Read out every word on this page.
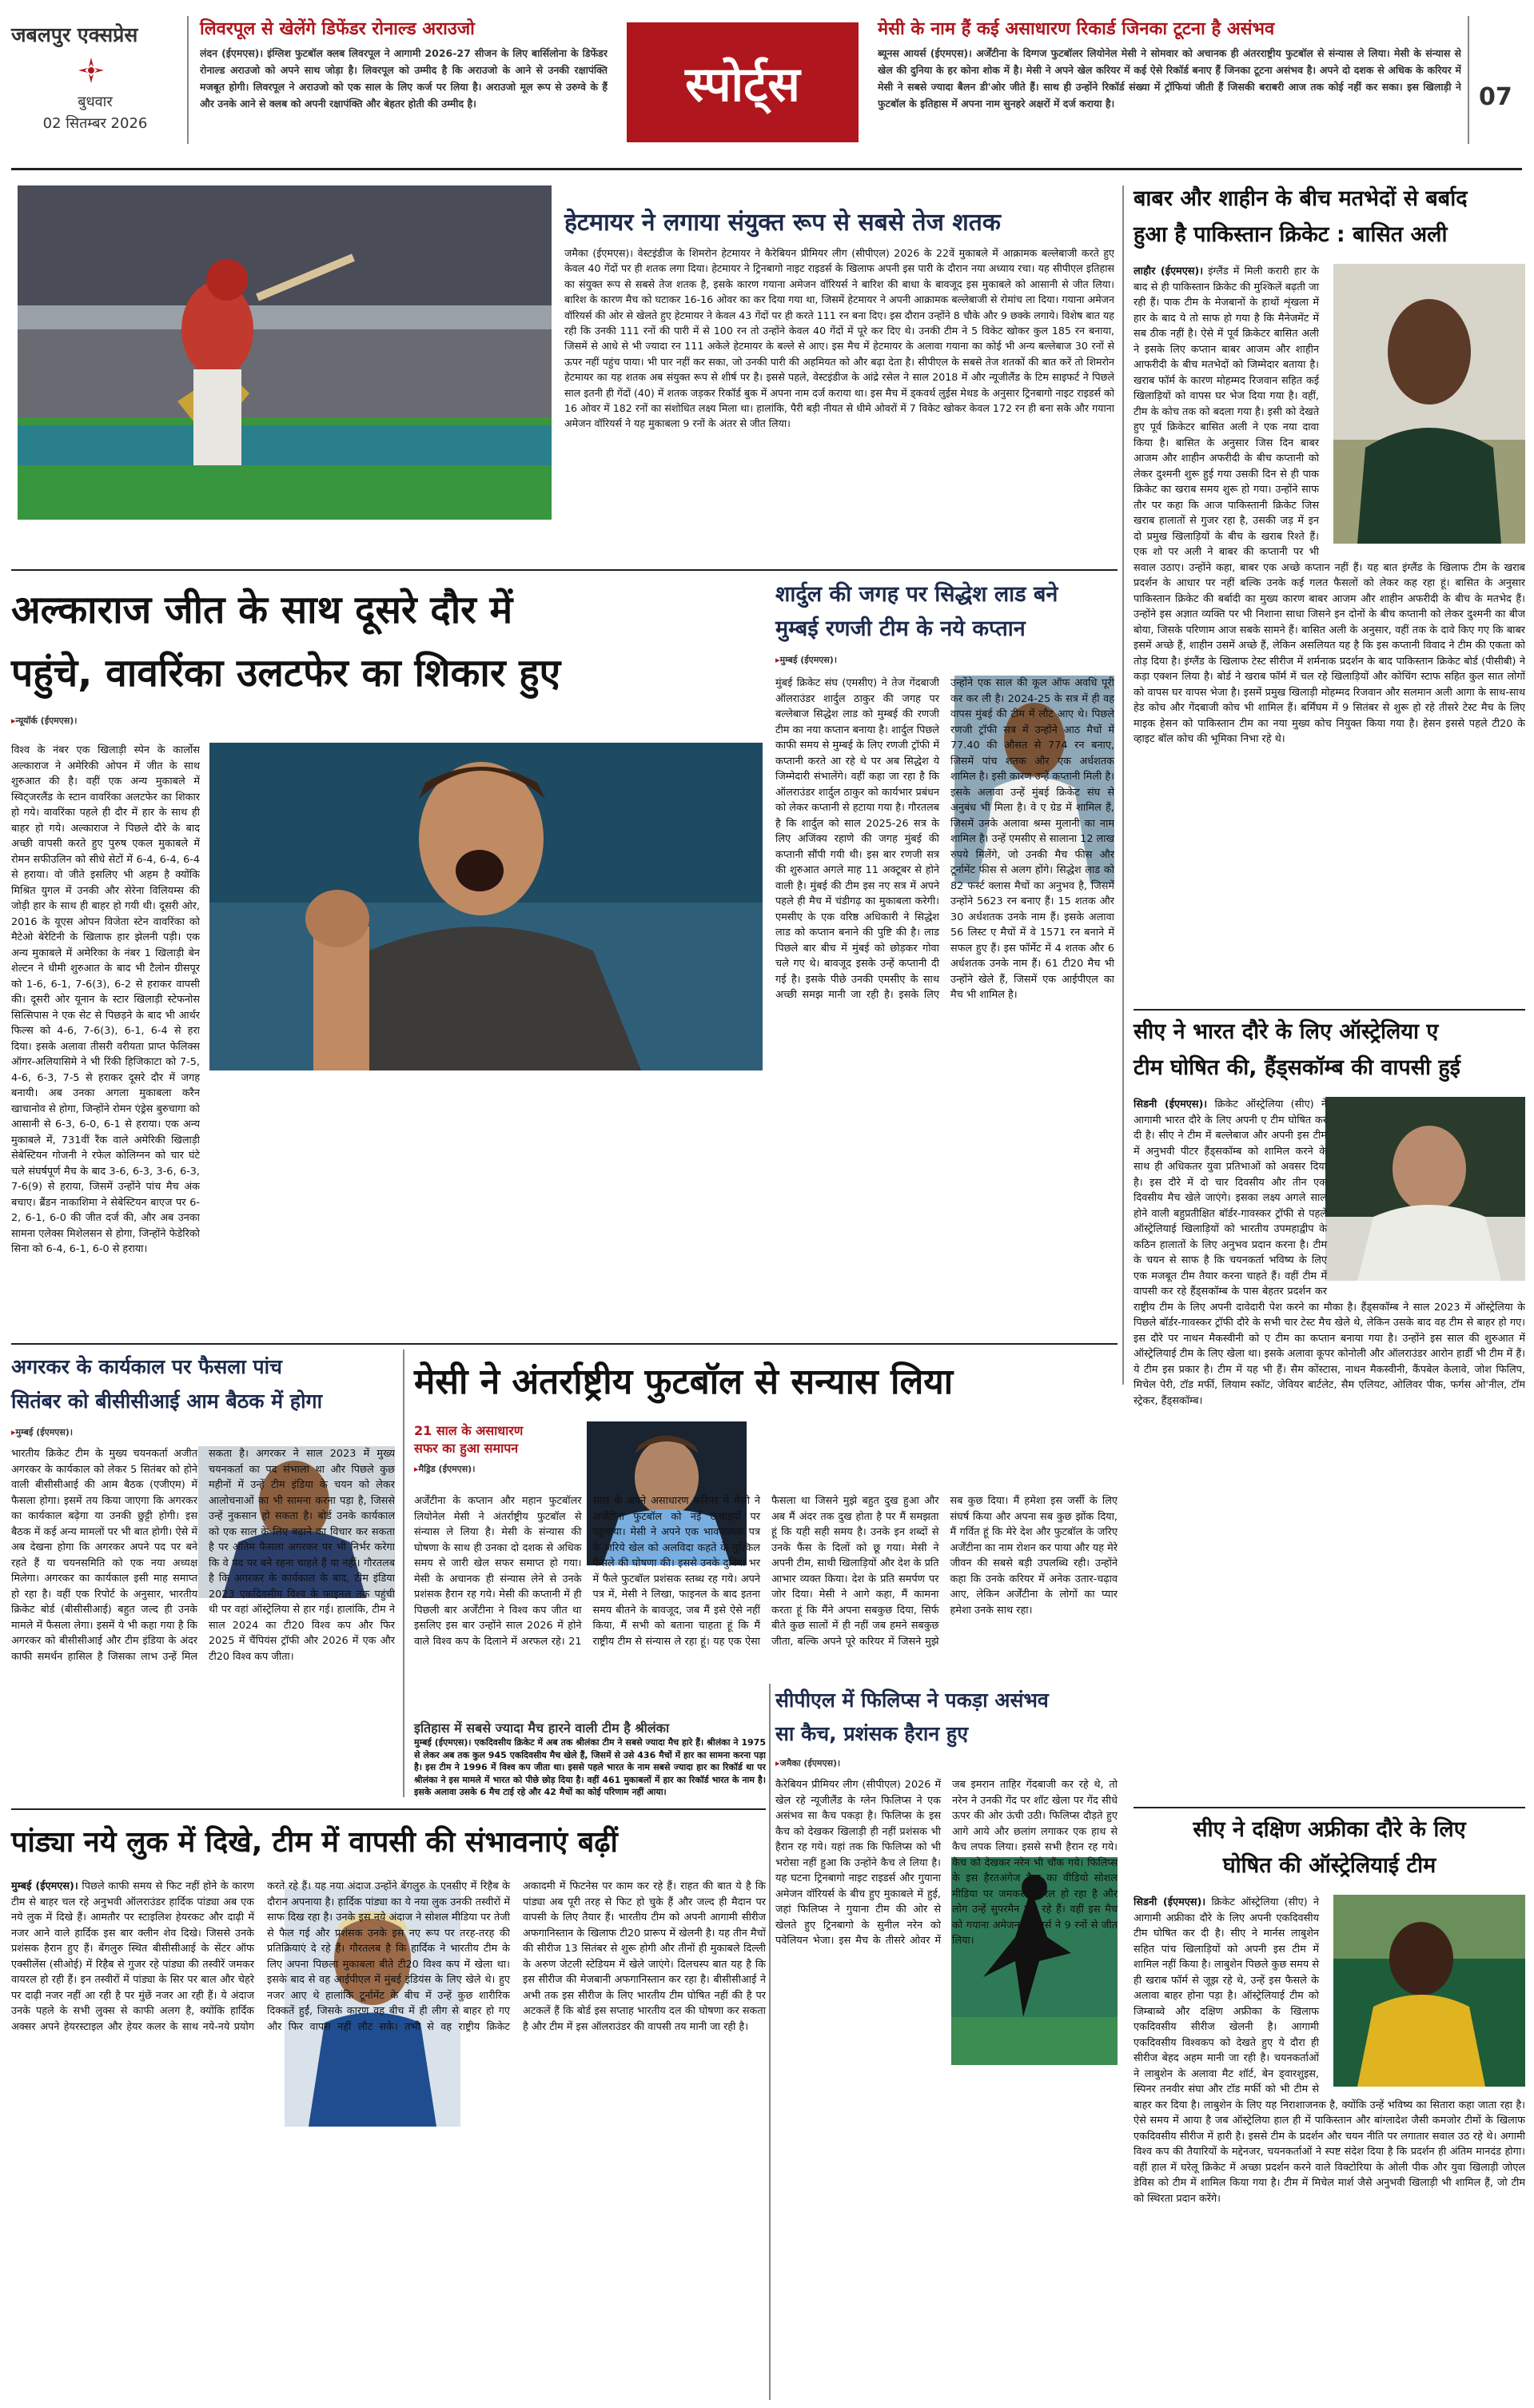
जबलपुर एक्सप्रेस
बुधवार
02 सितम्बर 2026
लिवरपूल से खेलेंगे डिफेंडर रोनाल्ड अराउजो
लंदन (ईएमएस)। इंग्लिश फुटबॉल क्लब लिवरपूल ने आगामी 2026-27 सीजन के लिए बार्सिलोना के डिफेंडर रोनाल्ड अराउजो को अपने साथ जोड़ा है। लिवरपूल को उम्मीद है कि अराउजो के आने से उनकी रक्षापंक्ति मजबूत होगी। लिवरपूल ने अराउजो को एक साल के लिए कर्ज पर लिया है। अराउजो मूल रूप से उरुग्वे के हैं और उनके आने से क्लब को अपनी रक्षापंक्ति और बेहतर होती की उम्मीद है।	स्पोर्ट्स
मेसी के नाम हैं कई असाधारण रिकार्ड जिनका टूटना है असंभव
ब्यूनस आयर्स (ईएमएस)। अर्जेंटीना के दिग्गज फुटबॉलर लियोनेल मेसी ने सोमवार को अचानक ही अंतरराष्ट्रीय फुटबॉल से संन्यास ले लिया। मेसी के संन्यास से खेल की दुनिया के हर कोना शोक में है। मेसी ने अपने खेल करियर में कई ऐसे रिकॉर्ड बनाए हैं जिनका टूटना असंभव है। अपने दो दशक से अधिक के करियर में मेसी ने सबसे ज्यादा बैलन डी'ओर जीते हैं। साथ ही उन्होंने रिकॉर्ड संख्या में ट्रॉफियां जीती हैं जिसकी बराबरी आज तक कोई नहीं कर सका। इस खिलाड़ी ने फुटबॉल के इतिहास में अपना नाम सुनहरे अक्षरों में दर्ज कराया है।	07
हेटमायर ने लगाया संयुक्त रूप से सबसे तेज शतक
जमैका (ईएमएस)। वेस्टइंडीज के शिमरोन हेटमायर ने कैरेबियन प्रीमियर लीग (सीपीएल) 2026 के 22वें मुकाबले में आक्रामक बल्लेबाजी करते हुए केवल 40 गेंदों पर ही शतक लगा दिया। हेटमायर ने ट्रिनबागो नाइट राइडर्स के खिलाफ अपनी इस पारी के दौरान नया अध्याय रचा। यह सीपीएल इतिहास का संयुक्त रूप से सबसे तेज शतक है, इसके कारण गयाना अमेजन वॉरियर्स ने बारिश की बाधा के बावजूद इस मुकाबले को आसानी से जीत लिया। बारिश के कारण मैच को घटाकर 16-16 ओवर का कर दिया गया था, जिसमें हेटमायर ने अपनी आक्रामक बल्लेबाजी से रोमांच ला दिया। गयाना अमेजन वॉरियर्स की ओर से खेलते हुए हेटमायर ने केवल 43 गेंदों पर ही करते 111 रन बना दिए। इस दौरान उन्होंने 8 चौके और 9 छक्के लगाये। विशेष बात यह रही कि उनकी 111 रनों की पारी में से 100 रन तो उन्होंने केवल 40 गेंदों में पूरे कर दिए थे। उनकी टीम ने 5 विकेट खोकर कुल 185 रन बनाया, जिसमें से आधे से भी ज्यादा रन 111 अकेले हेटमायर के बल्ले से आए। इस मैच में हेटमायर के अलावा गयाना का कोई भी अन्य बल्लेबाज 30 रनों से ऊपर नहीं पहुंच पाया। भी पार नहीं कर सका, जो उनकी पारी की अहमियत को और बढ़ा देता है। सीपीएल के सबसे तेज शतकों की बात करें तो शिमरोन हेटमायर का यह शतक अब संयुक्त रूप से शीर्ष पर है। इससे पहले, वेस्टइंडीज के आंद्रे रसेल ने साल 2018 में और न्यूजीलैंड के टिम साइफर्ट ने पिछले साल इतनी ही गेंदों (40) में शतक जड़कर रिकॉर्ड बुक में अपना नाम दर्ज कराया था। इस मैच में ड्कवर्थ लुईस मेथड के अनुसार ट्रिनबागो नाइट राइडर्स को 16 ओवर में 182 रनों का संशोधित लक्ष्य मिला था। हालांकि, पैरी बड़ी नीयत से धीमे ओवरों में 7 विकेट खोकर केवल 172 रन ही बना सके और गयाना अमेजन वॉरियर्स ने यह मुकाबला 9 रनों के अंतर से जीत लिया।
बाबर और शाहीन के बीच मतभेदों से बर्बाद
हुआ है पाकिस्तान क्रिकेट : बासित अली
लाहौर (ईएमएस)। इंग्लैंड में मिली करारी हार के बाद से ही पाकिस्तान क्रिकेट की मुश्किलें बढ़ती जा रही हैं। पाक टीम के मेजबानों के हाथों शृंखला में हार के बाद ये तो साफ हो गया है कि मैनेजमेंट में सब ठीक नहीं है। ऐसे में पूर्व क्रिकेटर बासित अली ने इसके लिए कप्तान बाबर आजम और शाहीन आफरीदी के बीच मतभेदों को जिम्मेदार बताया है। खराब फॉर्म के कारण मोहम्मद रिजवान सहित कई खिलाड़ियों को वापस घर भेज दिया गया है। वहीं, टीम के कोच तक को बदला गया है। इसी को देखते हुए पूर्व क्रिकेटर बासित अली ने एक नया दावा किया है। बासित के अनुसार जिस दिन बाबर आजम और शाहीन अफरीदी के बीच कप्तानी को लेकर दुश्मनी शुरू हुई गया उसकी दिन से ही पाक क्रिकेट का खराब समय शुरू हो गया। उन्होंने साफ तौर पर कहा कि आज पाकिस्तानी क्रिकेट जिस खराब हालातों से गुजर रहा है, उसकी जड़ में इन दो प्रमुख खिलाड़ियों के बीच के खराब रिश्ते हैं। एक शो पर अली ने बाबर की कप्तानी पर भी सवाल उठाए। उन्होंने कहा, बाबर एक अच्छे कप्तान नहीं हैं। यह बात इंग्लैंड के खिलाफ टीम के खराब प्रदर्शन के आधार पर नहीं बल्कि उनके कई गलत फैसलों को लेकर कह रहा हूं। बासित के अनुसार पाकिस्तान क्रिकेट की बर्बादी का मुख्य कारण बाबर आजम और शाहीन अफरीदी के बीच के मतभेद हैं। उन्होंने इस अज्ञात व्यक्ति पर भी निशाना साधा जिसने इन दोनों के बीच कप्तानी को लेकर दुश्मनी का बीज बोया, जिसके परिणाम आज सबके सामने हैं। बासित अली के अनुसार, वहीं तक के दावे किए गए कि बाबर इसमें अच्छे हैं, शाहीन उसमें अच्छे हैं, लेकिन असलियत यह है कि इस कप्तानी विवाद ने टीम की एकता को तोड़ दिया है। इंग्लैंड के खिलाफ टेस्ट सीरीज में शर्मनाक प्रदर्शन के बाद पाकिस्तान क्रिकेट बोर्ड (पीसीबी) ने कड़ा एक्शन लिया है। बोर्ड ने खराब फॉर्म में चल रहे खिलाड़ियों और कोचिंग स्टाफ सहित कुल सात लोगों को वापस घर वापस भेजा है। इसमें प्रमुख खिलाड़ी मोहम्मद रिजवान और सलमान अली आगा के साथ-साथ हेड कोच और गेंदबाजी कोच भी शामिल हैं। बर्मिंघम में 9 सितंबर से शुरू हो रहे तीसरे टेस्ट मैच के लिए माइक हेसन को पाकिस्तान टीम का नया मुख्य कोच नियुक्त किया गया है। हेसन इससे पहले टी20 के व्हाइट बॉल कोच की भूमिका निभा रहे थे।
सीए ने भारत दौरे के लिए ऑस्ट्रेलिया ए
टीम घोषित की, हैंड्सकॉम्ब की वापसी हुई
सिडनी (ईएमएस)। क्रिकेट ऑस्ट्रेलिया (सीए) ने आगामी भारत दौरे के लिए अपनी ए टीम घोषित कर दी है। सीए ने टीम में बल्लेबाज और अपनी इस टीम में अनुभवी पीटर हैंड्सकॉम्ब को शामिल करने के साथ ही अधिकतर युवा प्रतिभाओं को अवसर दिया है। इस दौरे में दो चार दिवसीय और तीन एक दिवसीय मैच खेले जाएंगे। इसका लक्ष्य अगले साल होने वाली बहुप्रतीक्षित बॉर्डर-गावस्कर ट्रॉफी से पहले ऑस्ट्रेलियाई खिलाड़ियों को भारतीय उपमहाद्वीप के कठिन हालातों के लिए अनुभव प्रदान करना है। टीम के चयन से साफ है कि चयनकर्ता भविष्य के लिए एक मजबूत टीम तैयार करना चाहते हैं। वहीं टीम में वापसी कर रहे हैंड्सकॉम्ब के पास बेहतर प्रदर्शन कर राष्ट्रीय टीम के लिए अपनी दावेदारी पेश करने का मौका है। हैंड्सकॉम्ब ने साल 2023 में ऑस्ट्रेलिया के पिछले बॉर्डर-गावस्कर ट्रॉफी दौरे के सभी चार टेस्ट मैच खेले थे, लेकिन उसके बाद वह टीम से बाहर हो गए। इस दौरे पर नाथन मैकस्वीनी को ए टीम का कप्तान बनाया गया है। उन्होंने इस साल की शुरुआत में ऑस्ट्रेलियाई टीम के लिए खेला था। इसके अलावा कूपर कोनोली और ऑलराउंडर आरोन हार्डी भी टीम में हैं। ये टीम इस प्रकार है। टीम में यह भी हैं। सैम कोंस्टास, नाथन मैकस्वीनी, कैंपबेल केलावे, जोश फिलिप, मिचेल पेरी, टॉड मर्फी, लियाम स्कॉट, जेवियर बार्टलेट, सैम एलियट, ओलिवर पीक, फर्गस ओ'नील, टॉम स्ट्रेकर, हैंड्सकॉम्ब।
सीए ने दक्षिण अफ्रीका दौरे के लिए
घोषित की ऑस्ट्रेलियाई टीम
सिडनी (ईएमएस)। क्रिकेट ऑस्ट्रेलिया (सीए) ने आगामी अफ्रीका दौरे के लिए अपनी एकदिवसीय टीम घोषित कर दी है। सीए ने मार्नस लाबुशेन सहित पांच खिलाड़ियों को अपनी इस टीम में शामिल नहीं किया है। लाबुशेन पिछले कुछ समय से ही खराब फॉर्म से जूझ रहे थे, उन्हें इस फैसले के अलावा बाहर होना पड़ा है। ऑस्ट्रेलियाई टीम को जिम्बाब्वे और दक्षिण अफ्रीका के खिलाफ एकदिवसीय सीरीज खेलनी है। आगामी एकदिवसीय विश्वकप को देखते हुए ये दौरा ही सीरीज बेहद अहम मानी जा रही है। चयनकर्ताओं ने लाबुशेन के अलावा मैट शॉर्ट, बेन ड्वारशुइस, स्पिनर तनवीर संघा और टॉड मर्फी को भी टीम से बाहर कर दिया है। लाबुशेन के लिए यह निराशाजनक है, क्योंकि उन्हें भविष्य का सितारा कहा जाता रहा है। ऐसे समय में आया है जब ऑस्ट्रेलिया हाल ही में पाकिस्तान और बांग्लादेश जैसी कमजोर टीमों के खिलाफ एकदिवसीय सीरीज में हारी है। इससे टीम के प्रदर्शन और चयन नीति पर लगातार सवाल उठ रहे थे। अगामी विश्व कप की तैयारियों के मद्देनजर, चयनकर्ताओं ने स्पष्ट संदेश दिया है कि प्रदर्शन ही अंतिम मानदंड होगा। वहीं हाल में घरेलू क्रिकेट में अच्छा प्रदर्शन करने वाले विक्टोरिया के ओली पीक और युवा खिलाड़ी जोएल डेविस को टीम में शामिल किया गया है। टीम में मिचेल मार्श जैसे अनुभवी खिलाड़ी भी शामिल हैं, जो टीम को स्थिरता प्रदान करेंगे।
अल्काराज जीत के साथ दूसरे दौर में
पहुंचे, वावरिंका उलटफेर का शिकार हुए
▸ न्यूयॉर्क (ईएमएस)।
विश्व के नंबर एक खिलाड़ी स्पेन के कार्लोस अल्काराज ने अमेरिकी ओपन में जीत के साथ शुरुआत की है। वहीं एक अन्य मुकाबले में स्विट्जरलैंड के स्टान वावरिंका अलटफेर का शिकार हो गये। वावरिंका पहले ही दौर में हार के साथ ही बाहर हो गये। अल्काराज ने पिछले दौरे के बाद अच्छी वापसी करते हुए पुरुष एकल मुकाबले में रोमन सफीउलिन को सीधे सेटों में 6-4, 6-4, 6-4 से हराया। वो जीते इसलिए भी अहम है क्योंकि मिश्रित युगल में उनकी और सेरेना विलियम्स की जोड़ी हार के साथ ही बाहर हो गयी थी। दूसरी ओर, 2016 के यूएस ओपन विजेता स्टेन वावरिंका को मैटेओ बेरेटिनी के खिलाफ हार झेलनी पड़ी। एक अन्य मुकाबले में अमेरिका के नंबर 1 खिलाड़ी बेन शेल्टन ने धीमी शुरुआत के बाद भी टैलोन ग्रीसपूर को 1-6, 6-1, 7-6(3), 6-2 से हराकर वापसी की। दूसरी ओर यूनान के स्टार खिलाड़ी स्टेफनोस सित्सिपास ने एक सेट से पिछड़ने के बाद भी आर्थर फिल्स को 4-6, 7-6(3), 6-1, 6-4 से हरा दिया। इसके अलावा तीसरी वरीयता प्राप्त फेलिक्स ऑगर-अलियासिमे ने भी रिंकी हिजिकाटा को 7-5, 4-6, 6-3, 7-5 से हराकर दूसरे दौर में जगह बनायी। अब उनका अगला मुकाबला करैन खाचानोव से होगा, जिन्होंने रोमन एंड्रेस बुरुचागा को आसानी से 6-3, 6-0, 6-1 से हराया। एक अन्य मुकाबले में, 731वीं रैंक वाले अमेरिकी खिलाड़ी सेबेस्टियन गोजनी ने रफेल कोलिग्नन को चार घंटे चले संघर्षपूर्ण मैच के बाद 3-6, 6-3, 3-6, 6-3, 7-6(9) से हराया, जिसमें उन्होंने पांच मैच अंक बचाए। ब्रैंडन नाकाशिमा ने सेबेस्टियन बाएज पर 6-2, 6-1, 6-0 की जीत दर्ज की, और अब उनका सामना एलेक्स मिशेलसन से होगा, जिन्होंने फेडेरिको सिना को 6-4, 6-1, 6-0 से हराया।
शार्दुल की जगह पर सिद्धेश लाड बने
मुम्बई रणजी टीम के नये कप्तान
▸ मुम्बई (ईएमएस)।
मुंबई क्रिकेट संघ (एमसीए) ने तेज गेंदबाजी ऑलराउंडर शार्दुल ठाकुर की जगह पर बल्लेबाज सिद्धेश लाड को मुम्बई की रणजी टीम का नया कप्तान बनाया है। शार्दुल पिछले काफी समय से मुम्बई के लिए रणजी ट्रॉफी में कप्तानी करते आ रहे थे पर अब सिद्धेश ये जिम्मेदारी संभालेंगे। वहीं कहा जा रहा है कि ऑलराउंडर शार्दुल ठाकुर को कार्यभार प्रबंधन को लेकर कप्तानी से हटाया गया है। गौरतलब है कि शार्दुल को साल 2025-26 सत्र के लिए अजिंक्य रहाणे की जगह मुंबई की कप्तानी सौंपी गयी थी। इस बार रणजी सत्र की शुरुआत अगले माह 11 अक्टूबर से होने वाली है। मुंबई की टीम इस नए सत्र में अपने पहले ही मैच में चंडीगढ़ का मुकाबला करेगी। एमसीए के एक वरिष्ठ अधिकारी ने सिद्धेश लाड को कप्तान बनाने की पुष्टि की है। लाड पिछले बार बीच में मुंबई को छोड़कर गोवा चले गए थे। बावजूद इसके उन्हें कप्तानी दी गई है। इसके पीछे उनकी एमसीए के साथ अच्छी समझ मानी जा रही है। इसके लिए उन्होंने एक साल की कूल ऑफ अवधि पूरी कर कर ली है। 2024-25 के सत्र में ही वह वापस मुंबई की टीम में लौट आए थे। पिछले रणजी ट्रॉफी सत्र में उन्होंने आठ मैचों में 77.40 की औसत से 774 रन बनाए, जिसमें पांच शतक और एक अर्धशतक शामिल है। इसी कारण उन्हें कप्तानी मिली है। इसके अलावा उन्हें मुंबई क्रिकेट संघ से अनुबंध भी मिला है। वे ए ग्रेड में शामिल हैं, जिसमें उनके अलावा श्रम्स मुलानी का नाम शामिल है। उन्हें एमसीए से सालाना 12 लाख रुपये मिलेंगे, जो उनकी मैच फीस और टूर्नामेंट फीस से अलग होंगे। सिद्धेश लाड को 82 फर्स्ट क्लास मैचों का अनुभव है, जिसमें उन्होंने 5623 रन बनाए हैं। 15 शतक और 30 अर्धशतक उनके नाम हैं। इसके अलावा 56 लिस्ट ए मैचों में वे 1571 रन बनाने में सफल हुए हैं। इस फॉर्मेट में 4 शतक और 6 अर्धशतक उनके नाम हैं। 61 टी20 मैच भी उन्होंने खेले हैं, जिसमें एक आईपीएल का मैच भी शामिल है।
अगरकर के कार्यकाल पर फैसला पांच
सितंबर को बीसीसीआई आम बैठक में होगा
▸ मुम्बई (ईएमएस)।
भारतीय क्रिकेट टीम के मुख्य चयनकर्ता अजीत अगरकर के कार्यकाल को लेकर 5 सितंबर को होने वाली बीसीसीआई की आम बैठक (एजीएम) में फैसला होगा। इसमें तय किया जाएगा कि अगरकर का कार्यकाल बढ़ेगा या उनकी छुट्टी होगी। इस बैठक में कई अन्य मामलों पर भी बात होगी। ऐसे में अब देखना होगा कि अगरकर अपने पद पर बने रहते हैं या चयनसमिति को एक नया अध्यक्ष मिलेगा। अगरकर का कार्यकाल इसी माह समाप्त हो रहा है। वहीं एक रिपोर्ट के अनुसार, भारतीय क्रिकेट बोर्ड (बीसीसीआई) बहुत जल्द ही उनके मामले में फैसला लेगा। इसमें ये भी कहा गया है कि अगरकर को बीसीसीआई और टीम इंडिया के अंदर काफी समर्थन हासिल है जिसका लाभ उन्हें मिल सकता है। अगरकर ने साल 2023 में मुख्य चयनकर्ता का पद संभाला था और पिछले कुछ महीनों में उन्हें टीम इंडिया के चयन को लेकर आलोचनाओं का भी सामना करना पड़ा है, जिससे उन्हें नुकसान हो सकता है। बोर्ड उनके कार्यकाल को एक साल के लिए बढ़ाने का विचार कर सकता है पर अंतिम फैसला अगरकर पर भी निर्भर करेगा कि वे पद पर बने रहना चाहते हैं या नहीं। गौरतलब है कि अगरकर के कार्यकाल के बाद, टीम इंडिया 2023 एकदिवसीय विश्व के फाइनल तक पहुंची थी पर वहां ऑस्ट्रेलिया से हार गई। हालांकि, टीम ने साल 2024 का टी20 विश्व कप और फिर 2025 में चैंपियंस ट्रॉफी और 2026 में एक और टी20 विश्व कप जीता।
मेसी ने अंतर्राष्ट्रीय फुटबॉल से सन्यास लिया
21 साल के असाधारण
सफर का हुआ समापन
▸ मैड्रिड (ईएमएस)।
अर्जेंटीना के कप्तान और महान फुटबॉलर लियोनेल मेसी ने अंतर्राष्ट्रीय फुटबॉल से संन्यास ले लिया है। मेसी के संन्यास की घोषणा के साथ ही उनका दो दशक से अधिक समय से जारी खेल सफर समाप्त हो गया। मेसी के अचानक ही संन्यास लेने से उनके प्रशंसक हैरान रह गये। मेसी की कप्तानी में ही पिछली बार अर्जेंटीना ने विश्व कप जीत था इसलिए इस बार उन्होंने साल 2026 में होने वाले विश्व कप के दिलाने में अरफल रहे। 21 साल के अपने असाधारण करियर में मेसी ने अर्जेंटीना फुटबॉल को नई ऊंचाइयों पर पहुंचाया। मेसी ने अपने एक भावनात्मक पत्र के जरिये खेल को अलविदा कहते के मुश्किल फैसले की घोषणा की। इससे उनके दुनिया भर में फैले फुटबॉल प्रशंसक स्तब्ध रह गये। अपने पत्र में, मेसी ने लिखा, फाइनल के बाद इतना समय बीतने के बावजूद, जब मैं इसे ऐसे नहीं किया, मैं सभी को बताना चाहता हूं कि मैं राष्ट्रीय टीम से संन्यास ले रहा हूं। यह एक ऐसा फैसला था जिसने मुझे बहुत दुख हुआ और अब मैं अंदर तक दुख होता है पर मैं समझता हूं कि यही सही समय है। उनके इन शब्दों से उनके फैंस के दिलों को छू गया। मेसी ने अपनी टीम, साथी खिलाड़ियों और देश के प्रति आभार व्यक्त किया। देश के प्रति समर्पण पर जोर दिया। मेसी ने आगे कहा, मैं कामना करता हूं कि मैंने अपना सबकुछ दिया, सिर्फ बीते कुछ सालों में ही नहीं जब हमने सबकुछ जीता, बल्कि अपने पूरे करियर में जिसने मुझे सब कुछ दिया। मैं हमेशा इस जर्सी के लिए संघर्ष किया और अपना सब कुछ झोंक दिया, मैं गर्वित हूं कि मेरे देश और फुटबॉल के जरिए अर्जेंटीना का नाम रोशन कर पाया और यह मेरे जीवन की सबसे बड़ी उपलब्धि रही। उन्होंने कहा कि उनके करियर में अनेक उतार-चढ़ाव आए, लेकिन अर्जेंटीना के लोगों का प्यार हमेशा उनके साथ रहा।
इतिहास में सबसे ज्यादा मैच हारने वाली टीम है श्रीलंका
मुम्बई (ईएमएस)। एकदिवसीय क्रिकेट में अब तक श्रीलंका टीम ने सबसे ज्यादा मैच हारे हैं। श्रीलंका ने 1975 से लेकर अब तक कुल 945 एकदिवसीय मैच खेले हैं, जिसमें से उसे 436 मैचों में हार का सामना करना पड़ा है। इस टीम ने 1996 में विश्व कप जीता था। इससे पहले भारत के नाम सबसे ज्यादा हार का रिकॉर्ड था पर श्रीलंका ने इस मामले में भारत को पीछे छोड़ दिया है। वहीं 461 मुकाबलों में हार का रिकॉर्ड भारत के नाम है। इसके अलावा उसके 6 मैच टाई रहे और 42 मैचों का कोई परिणाम नहीं आया।
सीपीएल में फिलिप्स ने पकड़ा असंभव
सा कैच, प्रशंसक हैरान हुए
▸ जमैका (ईएमएस)।
कैरेबियन प्रीमियर लीग (सीपीएल) 2026 में खेल रहे न्यूजीलैंड के ग्लेन फिलिप्स ने एक असंभव सा कैच पकड़ा है। फिलिप्स के इस कैच को देखकर खिलाड़ी ही नहीं प्रशंसक भी हैरान रह गये। यहां तक कि फिलिप्स को भी भरोसा नहीं हुआ कि उन्होंने कैच ले लिया है। यह घटना ट्रिनबागो नाइट राइडर्स और गुयाना अमेजन वॉरियर्स के बीच हुए मुकाबले में हुई, जहां फिलिप्स ने गुयाना टीम की ओर से खेलते हुए ट्रिनबागो के सुनील नरेन को पवेलियन भेजा। इस मैच के तीसरे ओवर में जब इमरान ताहिर गेंदबाजी कर रहे थे, तो नरेन ने उनकी गेंद पर शॉट खेला पर गेंद सीधे ऊपर की ओर ऊंची उठी। फिलिप्स दौड़ते हुए आगे आये और छलांग लगाकर एक हाथ से कैच लपक लिया। इससे सभी हैरान रह गये। कैच को देखकर नरेन भी चौंक गये। फिलिप्स के इस हैरतअंगेज कैच का वीडियो सोशल मीडिया पर जमकर वायरल हो रहा है और लोग उन्हें सुपरमैन कह रहे हैं। वहीं इस मैच को गयाना अमेजन वॉरियर्स ने 9 रनों से जीत लिया।
पांड्या नये लुक में दिखे, टीम में वापसी की संभावनाएं बढ़ीं
मुम्बई (ईएमएस)। पिछले काफी समय से फिट नहीं होने के कारण टीम से बाहर चल रहे अनुभवी ऑलराउंडर हार्दिक पांड्या अब एक नये लुक में दिखे हैं। आमतौर पर स्टाइलिश हेयरकट और दाढ़ी में नजर आने वाले हार्दिक इस बार क्लीन शेव दिखे। जिससे उनके प्रशंसक हैरान हुए हैं। बेंगलुरु स्थित बीसीसीआई के सेंटर ऑफ एक्सीलेंस (सीओई) में रिहैब से गुजर रहे पांड्या की तस्वीरें जमकर वायरल हो रही हैं। इन तस्वीरों में पांड्या के सिर पर बाल और चेहरे पर दाढ़ी नजर नहीं आ रही है पर मुंछें नजर आ रही हैं। ये अंदाज उनके पहले के सभी लुक्स से काफी अलग है, क्योंकि हार्दिक अक्सर अपने हेयरस्टाइल और हेयर कलर के साथ नये-नये प्रयोग करते रहे हैं। यह नया अंदाज उन्होंने बेंगलुरु के एनसीए में रिहैब के दौरान अपनाया है। हार्दिक पांड्या का ये नया लुक उनकी तस्वीरों में साफ दिख रहा है। उनके इस नये अंदाज ने सोशल मीडिया पर तेजी से फैल गई और प्रशंसक उनके इस नए रूप पर तरह-तरह की प्रतिक्रियाएं दे रहे हैं। गौरतलब है कि हार्दिक ने भारतीय टीम के लिए अपना पिछला मुकाबला बीते टी20 विश्व कप में खेला था। इसके बाद से वह आईपीएल में मुंबई इंडियंस के लिए खेले थे। हुए नजर आए थे हालांकि टूर्नामेंट के बीच में उन्हें कुछ शारीरिक दिक्कतें हुईं, जिसके कारण वह बीच में ही लीग से बाहर हो गए और फिर वापस नहीं लौट सके। तभी से वह राष्ट्रीय क्रिकेट अकादमी में फिटनेस पर काम कर रहे हैं। राहत की बात ये है कि पांड्या अब पूरी तरह से फिट हो चुके हैं और जल्द ही मैदान पर वापसी के लिए तैयार हैं। भारतीय टीम को अपनी आगामी सीरीज अफगानिस्तान के खिलाफ टी20 प्रारूप में खेलनी है। यह तीन मैचों की सीरीज 13 सितंबर से शुरू होगी और तीनों ही मुकाबले दिल्ली के अरुण जेटली स्टेडियम में खेले जाएंगे। दिलचस्प बात यह है कि इस सीरीज की मेजबानी अफगानिस्तान कर रहा है। बीसीसीआई ने अभी तक इस सीरीज के लिए भारतीय टीम घोषित नहीं की है पर अटकलें हैं कि बोर्ड इस सप्ताह भारतीय दल की घोषणा कर सकता है और टीम में इस ऑलराउंडर की वापसी तय मानी जा रही है।
